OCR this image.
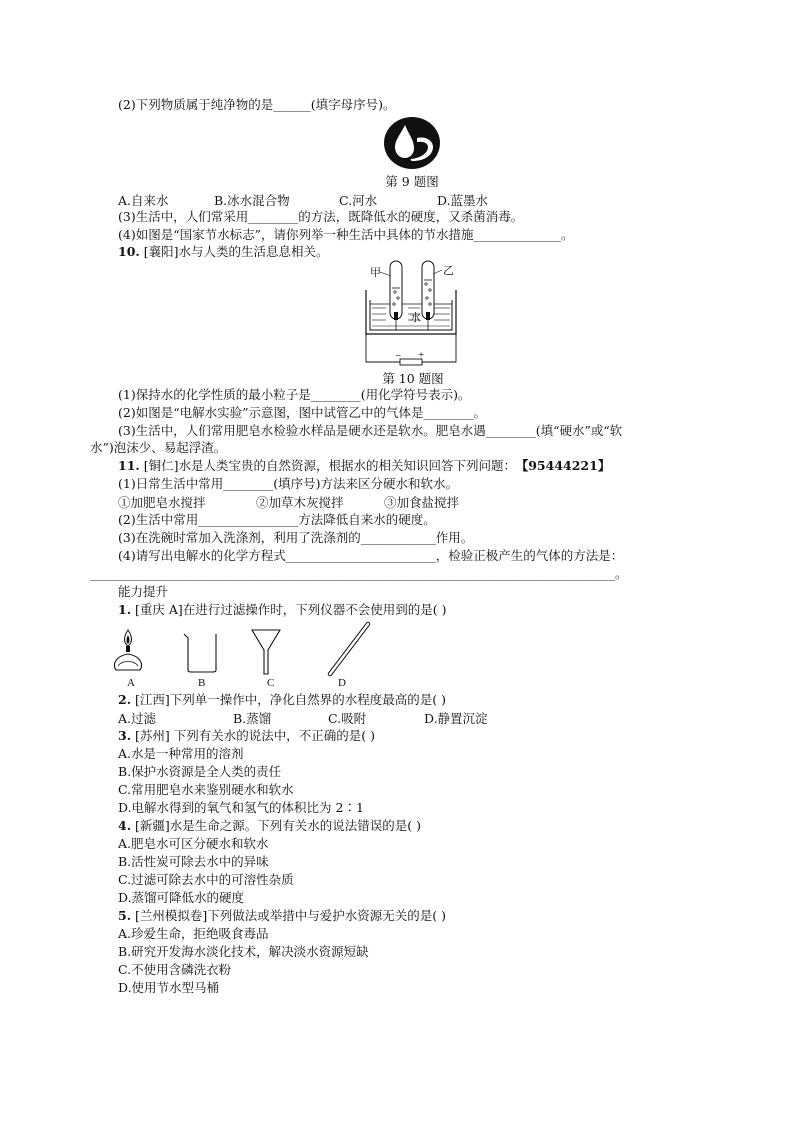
(2)下列物质属于纯净物的是______(填字母序号)。
第 9 题图
A.自来水	B.冰水混合物	C.河水	D.蓝墨水
(3)生活中，人们常采用________的方法，既降低水的硬度，又杀菌消毒。
(4)如图是“国家节水标志”，请你列举一种生活中具体的节水措施______________。
10. [襄阳]水与人类的生活息息相关。
甲	乙
水
− +
第 10 题图
(1)保持水的化学性质的最小粒子是________(用化学符号表示)。
(2)如图是“电解水实验”示意图，图中试管乙中的气体是________。
(3)生活中，人们常用肥皂水检验水样品是硬水还是软水。肥皂水遇________(填“硬水”或“软
水”)泡沫少、易起浮渣。
11. [铜仁]水是人类宝贵的自然资源，根据水的相关知识回答下列问题： 【95444221】
(1)日常生活中常用________(填序号)方法来区分硬水和软水。
①加肥皂水搅拌	②加草木灰搅拌	③加食盐搅拌
(2)生活中常用________________方法降低自来水的硬度。
(3)在洗碗时常加入洗涤剂，利用了洗涤剂的____________作用。
(4)请写出电解水的化学方程式________________________，检验正极产生的气体的方法是：
____________________________________________________________________________________。
能力提升
1. [重庆 A]在进行过滤操作时，下列仪器不会使用到的是( )
A	B	C	D
2. [江西]下列单一操作中，净化自然界的水程度最高的是( )
A.过滤	B.蒸馏	C.吸附	D.静置沉淀
3. [苏州] 下列有关水的说法中，不正确的是( )
A.水是一种常用的溶剂
B.保护水资源是全人类的责任
C.常用肥皂水来鉴别硬水和软水
D.电解水得到的氧气和氢气的体积比为 2∶1
4. [新疆]水是生命之源。下列有关水的说法错误的是( )
A.肥皂水可区分硬水和软水
B.活性炭可除去水中的异味
C.过滤可除去水中的可溶性杂质
D.蒸馏可降低水的硬度
5. [兰州模拟卷]下列做法或举措中与爱护水资源无关的是( )
A.珍爱生命，拒绝吸食毒品
B.研究开发海水淡化技术，解决淡水资源短缺
C.不使用含磷洗衣粉
D.使用节水型马桶
